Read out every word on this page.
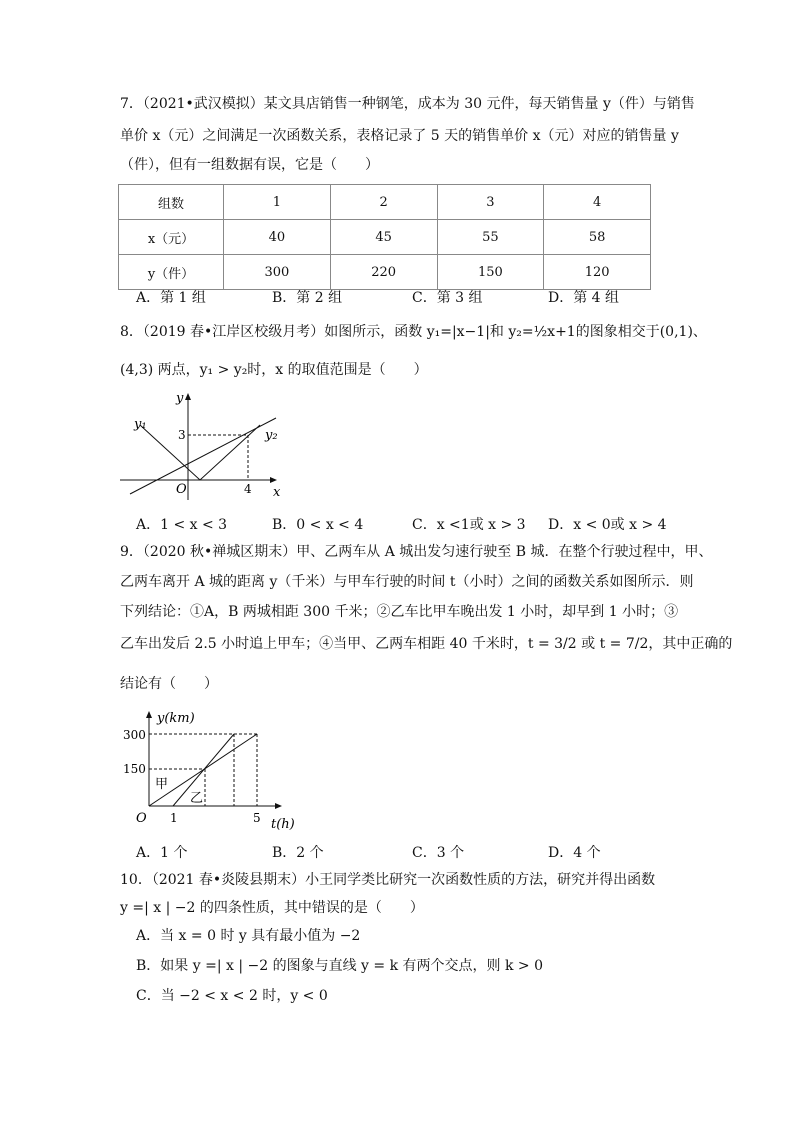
7．（2021•武汉模拟）某文具店销售一种钢笔，成本为 30 元件，每天销售量 y（件）与销售
单价 x（元）之间满足一次函数关系，表格记录了 5 天的销售单价 x（元）对应的销售量 y
（件），但有一组数据有误，它是（　　）
组数	1	2	3	4
x（元）	40	45	55	58
y（件）	300	220	150	120
A．第 1 组	B．第 2 组	C．第 3 组	D．第 4 组
8．（2019 春•江岸区校级月考）如图所示，函数 y₁=|x−1|和 y₂=½x+1的图象相交于(0,1)、
(4,3) 两点，y₁ > y₂时，x 的取值范围是（　　）
y
x
O
3
4
y₁
y₂
A．1 < x < 3	B．0 < x < 4	C．x <1或 x > 3 D．x < 0或 x > 4
9．（2020 秋•禅城区期末）甲、乙两车从 A 城出发匀速行驶至 B 城．在整个行驶过程中，甲、
乙两车离开 A 城的距离 y（千米）与甲车行驶的时间 t（小时）之间的函数关系如图所示．则
下列结论：①A，B 两城相距 300 千米；②乙车比甲车晚出发 1 小时，却早到 1 小时；③
乙车出发后 2.5 小时追上甲车；④当甲、乙两车相距 40 千米时，t = 3/2 或 t = 7/2，其中正确的
结论有（　　）
y(km)
t(h)
O
300
150
1	5
甲
乙
A．1 个	B．2 个	C．3 个	D．4 个
10．（2021 春•炎陵县期末）小王同学类比研究一次函数性质的方法，研究并得出函数
y =| x | −2 的四条性质，其中错误的是（　　）
A．当 x = 0 时 y 具有最小值为 −2
B．如果 y =| x | −2 的图象与直线 y = k 有两个交点，则 k > 0
C．当 −2 < x < 2 时，y < 0
